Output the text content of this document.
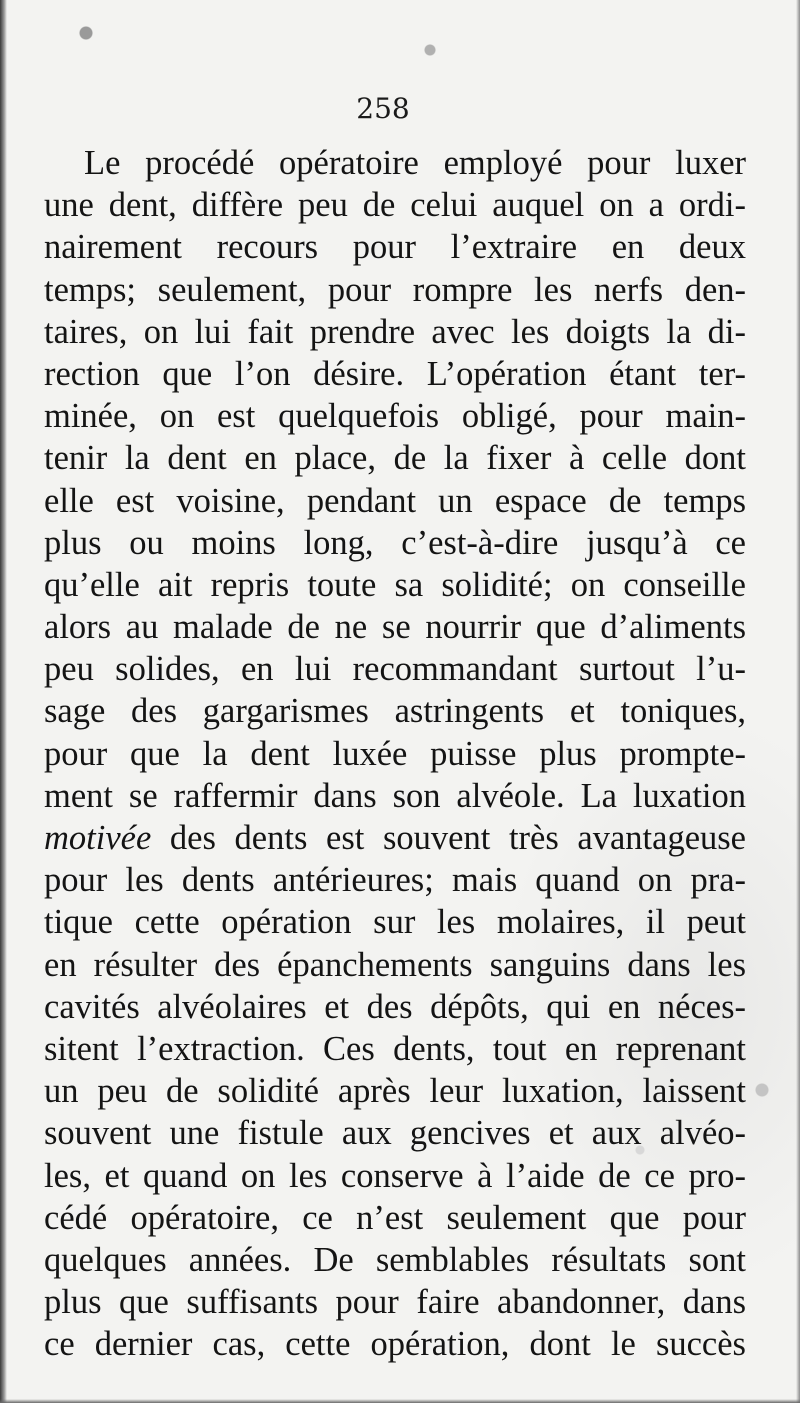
258
Le procédé opératoire employé pour luxer
une dent, diffère peu de celui auquel on a ordi-
nairement recours pour l’extraire en deux
temps; seulement, pour rompre les nerfs den-
taires, on lui fait prendre avec les doigts la di-
rection que l’on désire. L’opération étant ter-
minée, on est quelquefois obligé, pour main-
tenir la dent en place, de la fixer à celle dont
elle est voisine, pendant un espace de temps
plus ou moins long, c’est-à-dire jusqu’à ce
qu’elle ait repris toute sa solidité; on conseille
alors au malade de ne se nourrir que d’aliments
peu solides, en lui recommandant surtout l’u-
sage des gargarismes astringents et toniques,
pour que la dent luxée puisse plus prompte-
ment se raffermir dans son alvéole. La luxation
motivée des dents est souvent très avantageuse
pour les dents antérieures; mais quand on pra-
tique cette opération sur les molaires, il peut
en résulter des épanchements sanguins dans les
cavités alvéolaires et des dépôts, qui en néces-
sitent l’extraction. Ces dents, tout en reprenant
un peu de solidité après leur luxation, laissent
souvent une fistule aux gencives et aux alvéo-
les, et quand on les conserve à l’aide de ce pro-
cédé opératoire, ce n’est seulement que pour
quelques années. De semblables résultats sont
plus que suffisants pour faire abandonner, dans
ce dernier cas, cette opération, dont le succès
